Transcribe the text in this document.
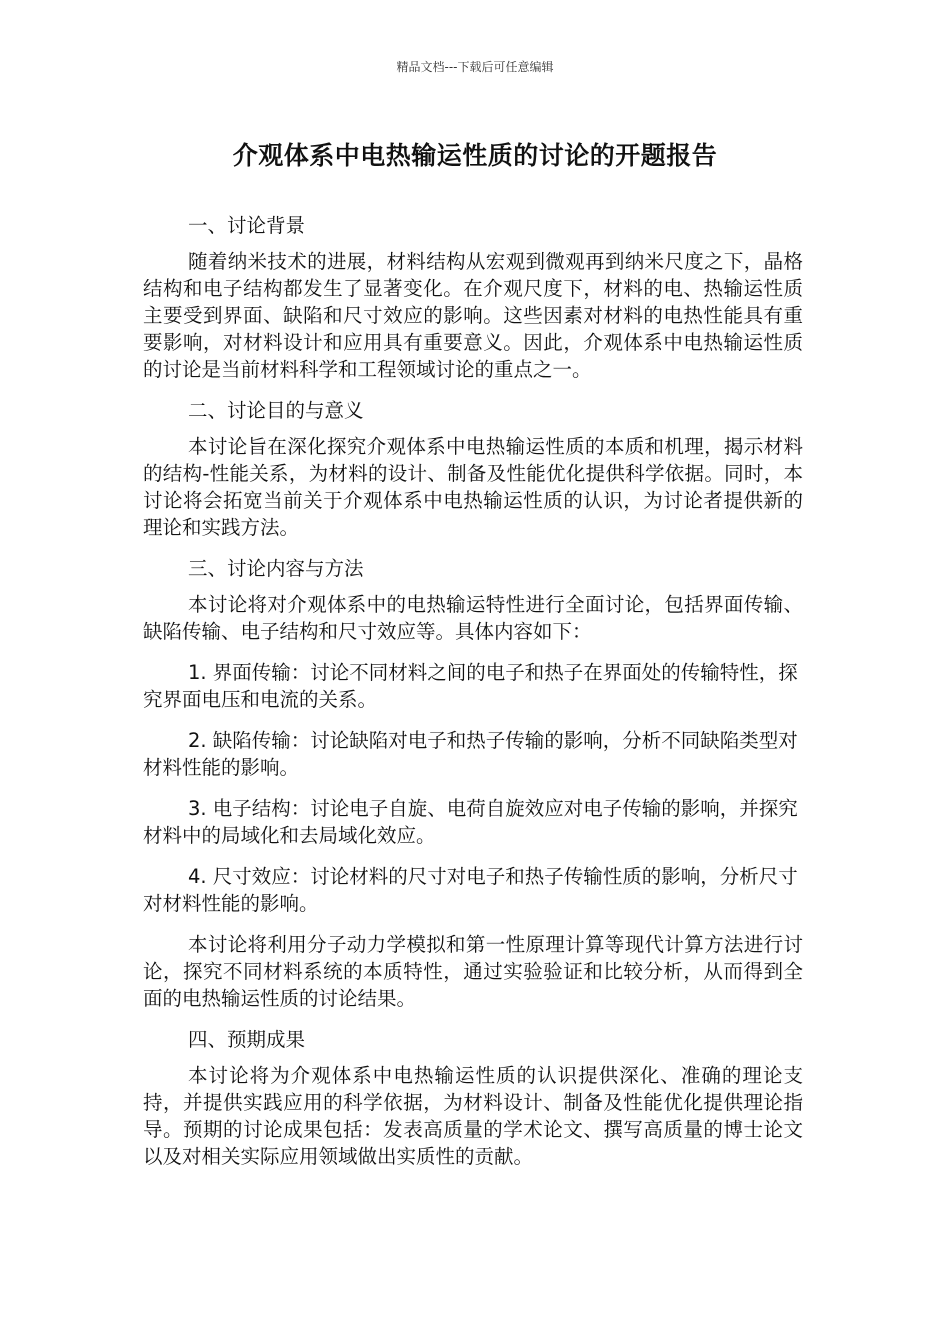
精品文档---下载后可任意编辑
介观体系中电热输运性质的讨论的开题报告

一、讨论背景

随着纳米技术的进展，材料结构从宏观到微观再到纳米尺度之下，晶格结构和电子结构都发生了显著变化。在介观尺度下，材料的电、热输运性质主要受到界面、缺陷和尺寸效应的影响。这些因素对材料的电热性能具有重要影响，对材料设计和应用具有重要意义。因此，介观体系中电热输运性质的讨论是当前材料科学和工程领域讨论的重点之一。

二、讨论目的与意义

本讨论旨在深化探究介观体系中电热输运性质的本质和机理，揭示材料的结构-性能关系，为材料的设计、制备及性能优化提供科学依据。同时，本讨论将会拓宽当前关于介观体系中电热输运性质的认识，为讨论者提供新的理论和实践方法。

三、讨论内容与方法

本讨论将对介观体系中的电热输运特性进行全面讨论，包括界面传输、缺陷传输、电子结构和尺寸效应等。具体内容如下：

1. 界面传输：讨论不同材料之间的电子和热子在界面处的传输特性，探究界面电压和电流的关系。

2. 缺陷传输：讨论缺陷对电子和热子传输的影响，分析不同缺陷类型对材料性能的影响。

3. 电子结构：讨论电子自旋、电荷自旋效应对电子传输的影响，并探究材料中的局域化和去局域化效应。

4. 尺寸效应：讨论材料的尺寸对电子和热子传输性质的影响，分析尺寸对材料性能的影响。

本讨论将利用分子动力学模拟和第一性原理计算等现代计算方法进行讨论，探究不同材料系统的本质特性，通过实验验证和比较分析，从而得到全面的电热输运性质的讨论结果。

四、预期成果

本讨论将为介观体系中电热输运性质的认识提供深化、准确的理论支持，并提供实践应用的科学依据，为材料设计、制备及性能优化提供理论指导。预期的讨论成果包括：发表高质量的学术论文、撰写高质量的博士论文以及对相关实际应用领域做出实质性的贡献。
